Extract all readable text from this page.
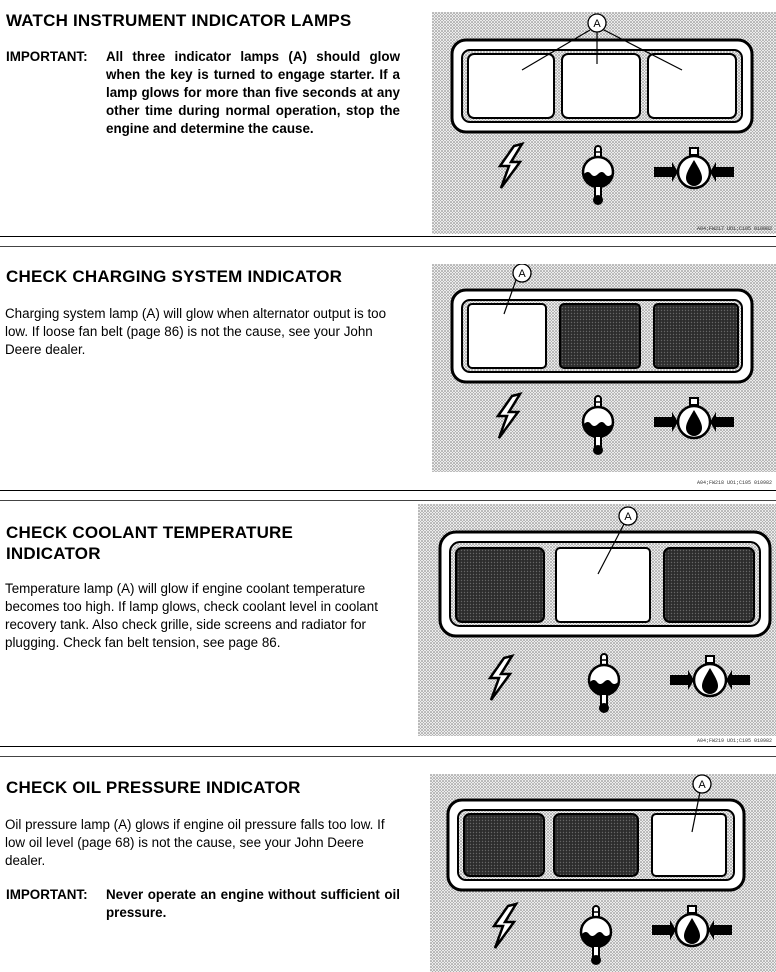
WATCH INSTRUMENT INDICATOR LAMPS
IMPORTANT: All three indicator lamps (A) should glow when the key is turned to engage starter. If a lamp glows for more than five seconds at any other time during normal operation, stop the engine and determine the cause.
A
A04;FW217 UO1;C105 010982
CHECK CHARGING SYSTEM INDICATOR
Charging system lamp (A) will glow when alternator output is too low. If loose fan belt (page 86) is not the cause, see your John Deere dealer.
A
A04;FW218 UO1;C105 010982
CHECK COOLANT TEMPERATURE
INDICATOR
Temperature lamp (A) will glow if engine coolant temperature becomes too high. If lamp glows, check coolant level in coolant recovery tank. Also check grille, side screens and radiator for plugging. Check fan belt tension, see page 86.
A
A04;FW219 UO1;C105 010982
CHECK OIL PRESSURE INDICATOR
Oil pressure lamp (A) glows if engine oil pressure falls too low. If low oil level (page 68) is not the cause, see your John Deere dealer.
IMPORTANT: Never operate an engine without sufficient oil pressure.
A
